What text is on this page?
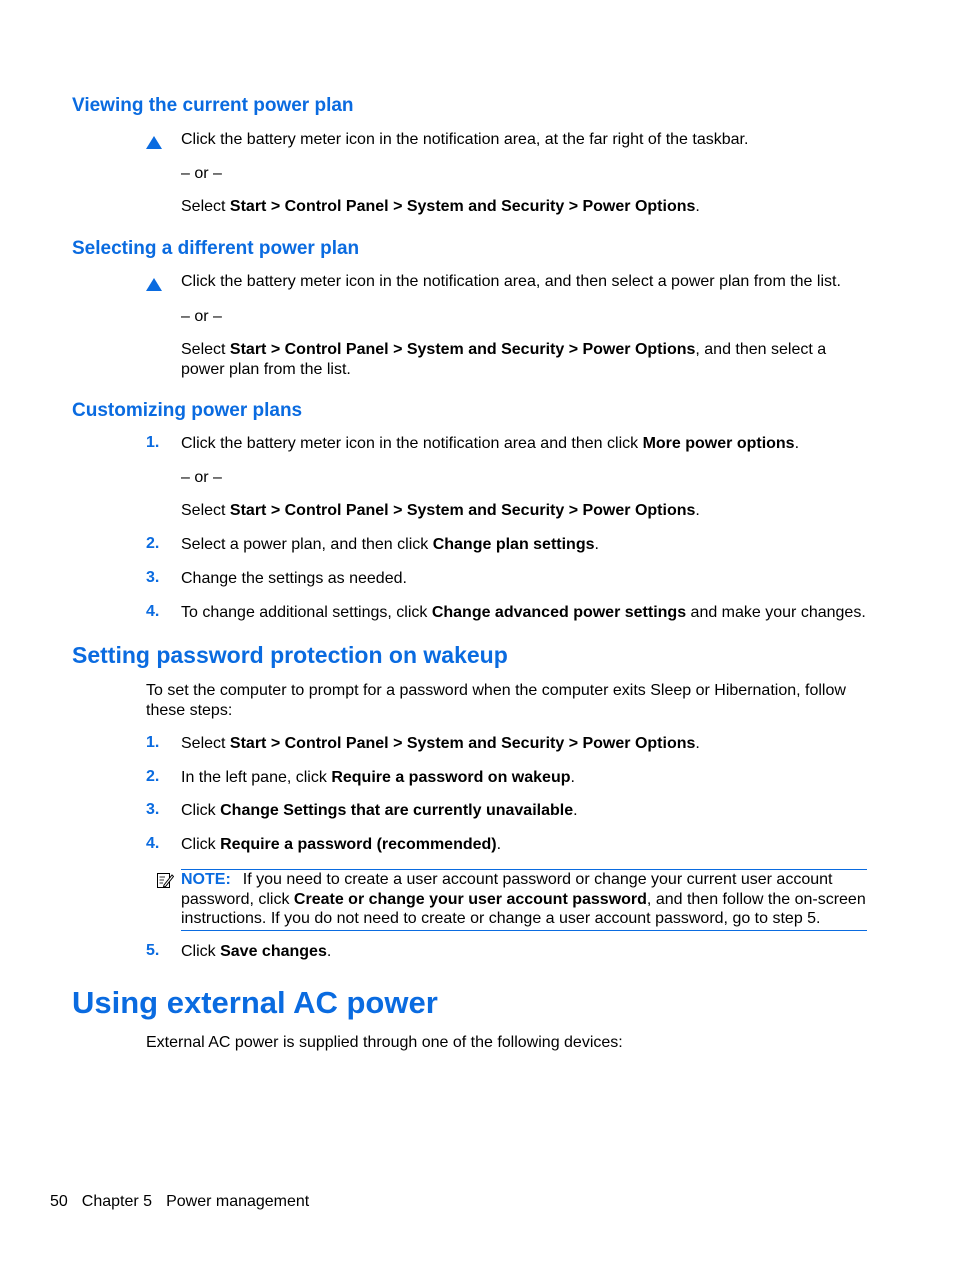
Viewing the current power plan

Click the battery meter icon in the notification area, at the far right of the taskbar.

– or –

Select Start > Control Panel > System and Security > Power Options.

Selecting a different power plan

Click the battery meter icon in the notification area, and then select a power plan from the list.

– or –

Select Start > Control Panel > System and Security > Power Options, and then select a power plan from the list.

Customizing power plans
1. Click the battery meter icon in the notification area and then click More power options.

– or –

Select Start > Control Panel > System and Security > Power Options.

2. Select a power plan, and then click Change plan settings.

3. Change the settings as needed.

4. To change additional settings, click Change advanced power settings and make your changes.

Setting password protection on wakeup

To set the computer to prompt for a password when the computer exits Sleep or Hibernation, follow these steps:

1. Select Start > Control Panel > System and Security > Power Options.

2. In the left pane, click Require a password on wakeup.

3. Click Change Settings that are currently unavailable.

4. Click Require a password (recommended).

NOTE: If you need to create a user account password or change your current user account password, click Create or change your user account password, and then follow the on-screen instructions. If you do not need to create or change a user account password, go to step 5.
5. Click Save changes.

Using external AC power

External AC power is supplied through one of the following devices:

50 Chapter 5 Power management
